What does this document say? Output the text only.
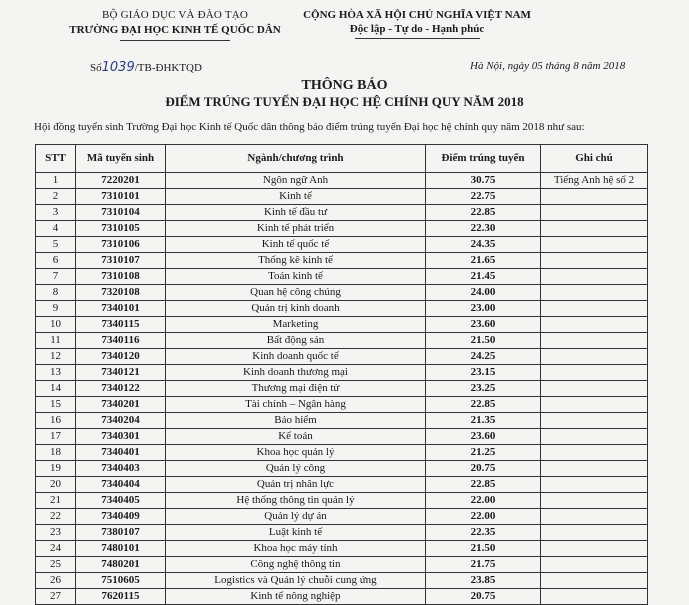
BỘ GIÁO DỤC VÀ ĐÀO TẠO
TRƯỜNG ĐẠI HỌC KINH TẾ QUỐC DÂN
CỘNG HÒA XÃ HỘI CHỦ NGHĨA VIỆT NAM
Độc lập - Tự do - Hạnh phúc
Số1039/TB-ĐHKTQD	Hà Nội, ngày 05 tháng 8 năm 2018
THÔNG BÁO
ĐIỂM TRÚNG TUYỂN ĐẠI HỌC HỆ CHÍNH QUY NĂM 2018
Hội đồng tuyển sinh Trường Đại học Kinh tế Quốc dân thông báo điểm trúng tuyển Đại học hệ chính quy năm 2018 như sau:
STT	Mã tuyển sinh	Ngành/chương trình	Điểm trúng tuyển	Ghi chú
1	7220201	Ngôn ngữ Anh	30.75	Tiếng Anh hệ số 2
2	7310101	Kinh tế	22.75	
3	7310104	Kinh tế đầu tư	22.85	
4	7310105	Kinh tế phát triển	22.30	
5	7310106	Kinh tế quốc tế	24.35	
6	7310107	Thống kê kinh tế	21.65	
7	7310108	Toán kinh tế	21.45	
8	7320108	Quan hệ công chúng	24.00	
9	7340101	Quản trị kinh doanh	23.00	
10	7340115	Marketing	23.60	
11	7340116	Bất động sản	21.50	
12	7340120	Kinh doanh quốc tế	24.25	
13	7340121	Kinh doanh thương mại	23.15	
14	7340122	Thương mại điện tử	23.25	
15	7340201	Tài chính – Ngân hàng	22.85	
16	7340204	Bảo hiểm	21.35	
17	7340301	Kế toán	23.60	
18	7340401	Khoa học quản lý	21.25	
19	7340403	Quản lý công	20.75	
20	7340404	Quản trị nhân lực	22.85	
21	7340405	Hệ thống thông tin quản lý	22.00	
22	7340409	Quản lý dự án	22.00	
23	7380107	Luật kinh tế	22.35	
24	7480101	Khoa học máy tính	21.50	
25	7480201	Công nghệ thông tin	21.75	
26	7510605	Logistics và Quản lý chuỗi cung ứng	23.85	
27	7620115	Kinh tế nông nghiệp	20.75	
